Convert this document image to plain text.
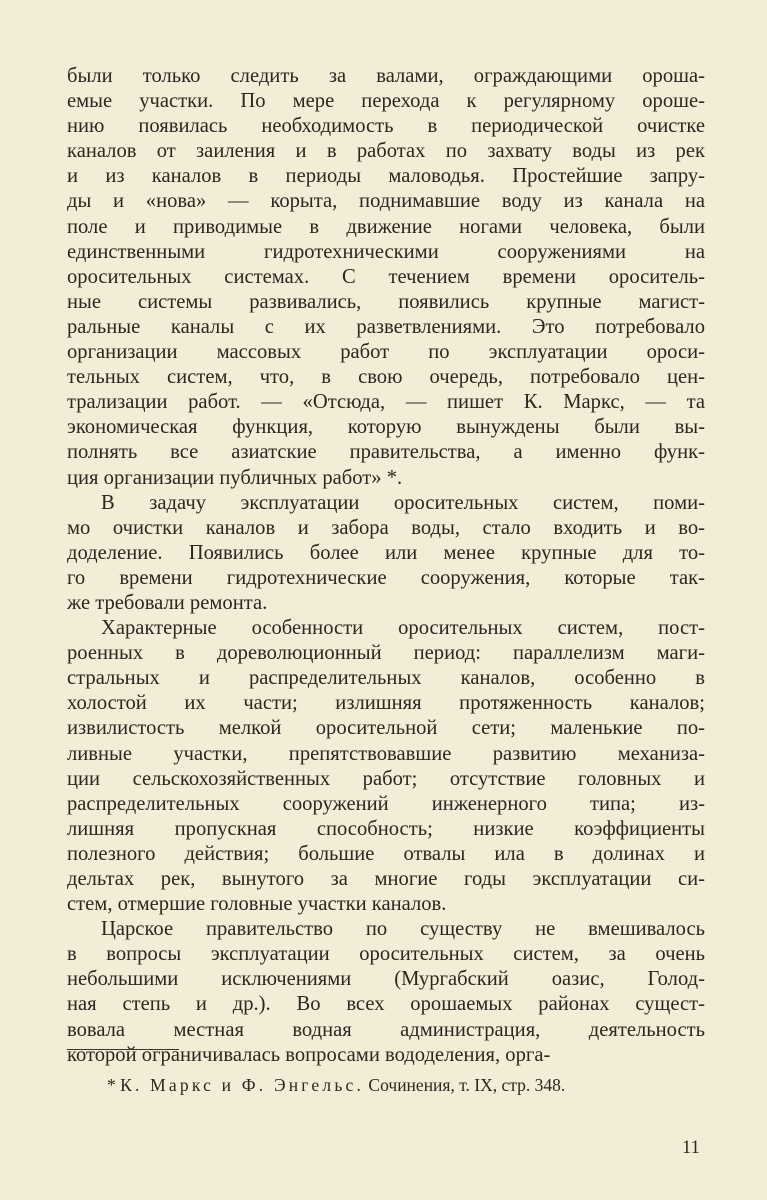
были только следить за валами, ограждающими ороша-
емые участки. По мере перехода к регулярному ороше-
нию появилась необходимость в периодической очистке
каналов от заиления и в работах по захвату воды из рек
и из каналов в периоды маловодья. Простейшие запру-
ды и «нова» — корыта, поднимавшие воду из канала на
поле и приводимые в движение ногами человека, были
единственными гидротехническими сооружениями на
оросительных системах. С течением времени ороситель-
ные системы развивались, появились крупные магист-
ральные каналы с их разветвлениями. Это потребовало
организации массовых работ по эксплуатации ороси-
тельных систем, что, в свою очередь, потребовало цен-
трализации работ. — «Отсюда, — пишет К. Маркс, — та
экономическая функция, которую вынуждены были вы-
полнять все азиатские правительства, а именно функ-
ция организации публичных работ» *.
В задачу эксплуатации оросительных систем, поми-
мо очистки каналов и забора воды, стало входить и во-
доделение. Появились более или менее крупные для то-
го времени гидротехнические сооружения, которые так-
же требовали ремонта.
Характерные особенности оросительных систем, пост-
роенных в дореволюционный период: параллелизм маги-
стральных и распределительных каналов, особенно в
холостой их части; излишняя протяженность каналов;
извилистость мелкой оросительной сети; маленькие по-
ливные участки, препятствовавшие развитию механиза-
ции сельскохозяйственных работ; отсутствие головных и
распределительных сооружений инженерного типа; из-
лишняя пропускная способность; низкие коэффициенты
полезного действия; большие отвалы ила в долинах и
дельтах рек, вынутого за многие годы эксплуатации си-
стем, отмершие головные участки каналов.
Царское правительство по существу не вмешивалось
в вопросы эксплуатации оросительных систем, за очень
небольшими исключениями (Мургабский оазис, Голод-
ная степь и др.). Во всех орошаемых районах сущест-
вовала местная водная администрация, деятельность
которой ограничивалась вопросами вододеления, орга-
* К. Маркс и Ф. Энгельс. Сочинения, т. IX, стр. 348.
11
